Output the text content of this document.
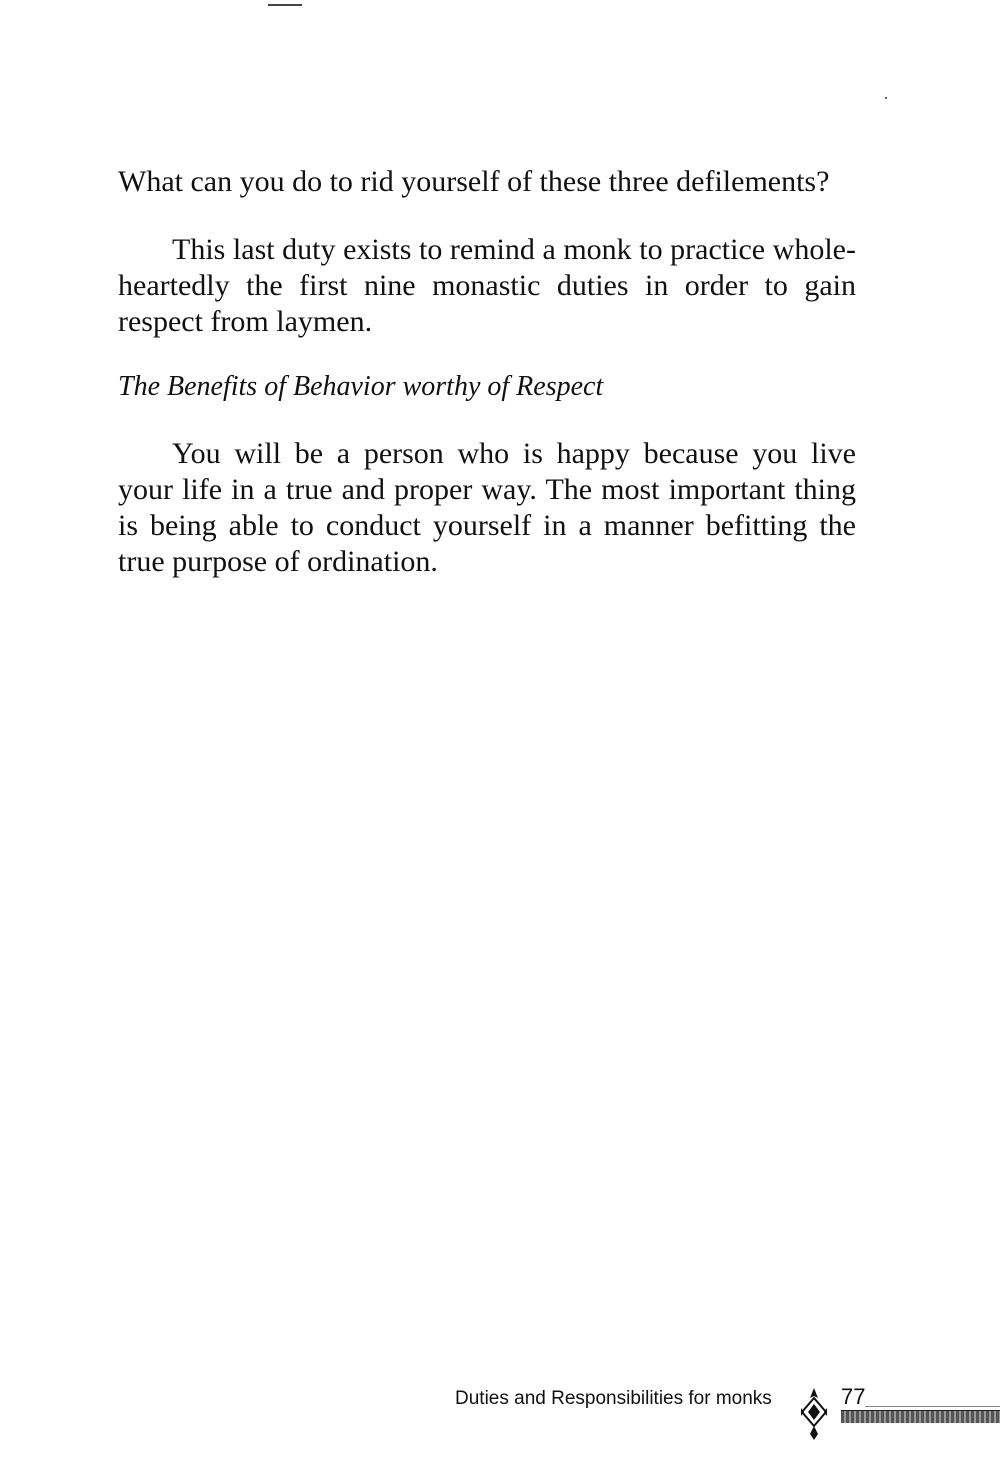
What can you do to rid yourself of these three defilements?

This last duty exists to remind a monk to practice whole-heartedly the first nine monastic duties in order to gain respect from laymen.

The Benefits of Behavior worthy of Respect

You will be a person who is happy because you live your life in a true and proper way. The most important thing is being able to conduct yourself in a manner befitting the true purpose of ordination.

Duties and Responsibilities for monks	77
